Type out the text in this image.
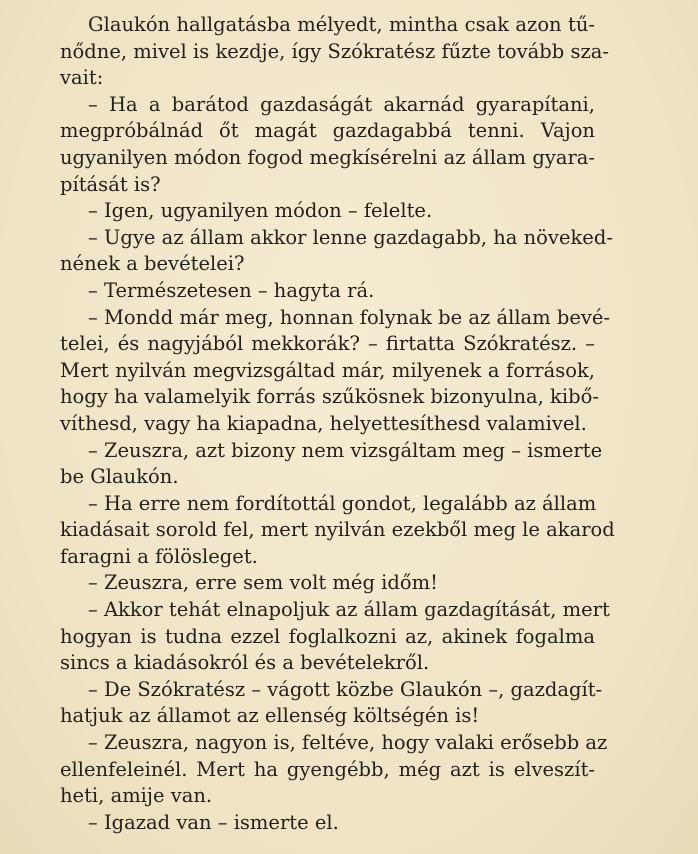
Glaukón hallgatásba mélyedt, mintha csak azon tű-
nődne, mivel is kezdje, így Szókratész fűzte tovább sza-
vait:

– Ha a barátod gazdaságát akarnád gyarapítani,
megpróbálnád őt magát gazdagabbá tenni. Vajon
ugyanilyen módon fogod megkísérelni az állam gyara-
pítását is?

– Igen, ugyanilyen módon – felelte.

– Ugye az állam akkor lenne gazdagabb, ha növeked-
nének a bevételei?

– Természetesen – hagyta rá.

– Mondd már meg, honnan folynak be az állam bevé-
telei, és nagyjából mekkorák? – firtatta Szókratész. –
Mert nyilván megvizsgáltad már, milyenek a források,
hogy ha valamelyik forrás szűkösnek bizonyulna, kibő-
víthesd, vagy ha kiapadna, helyettesíthesd valamivel.

– Zeuszra, azt bizony nem vizsgáltam meg – ismerte
be Glaukón.

– Ha erre nem fordítottál gondot, legalább az állam
kiadásait sorold fel, mert nyilván ezekből meg le akarod
faragni a fölösleget.

– Zeuszra, erre sem volt még időm!

– Akkor tehát elnapoljuk az állam gazdagítását, mert
hogyan is tudna ezzel foglalkozni az, akinek fogalma
sincs a kiadásokról és a bevételekről.

– De Szókratész – vágott közbe Glaukón –, gazdagít-
hatjuk az államot az ellenség költségén is!

– Zeuszra, nagyon is, feltéve, hogy valaki erősebb az
ellenfeleinél. Mert ha gyengébb, még azt is elveszít-
heti, amije van.

– Igazad van – ismerte el.
